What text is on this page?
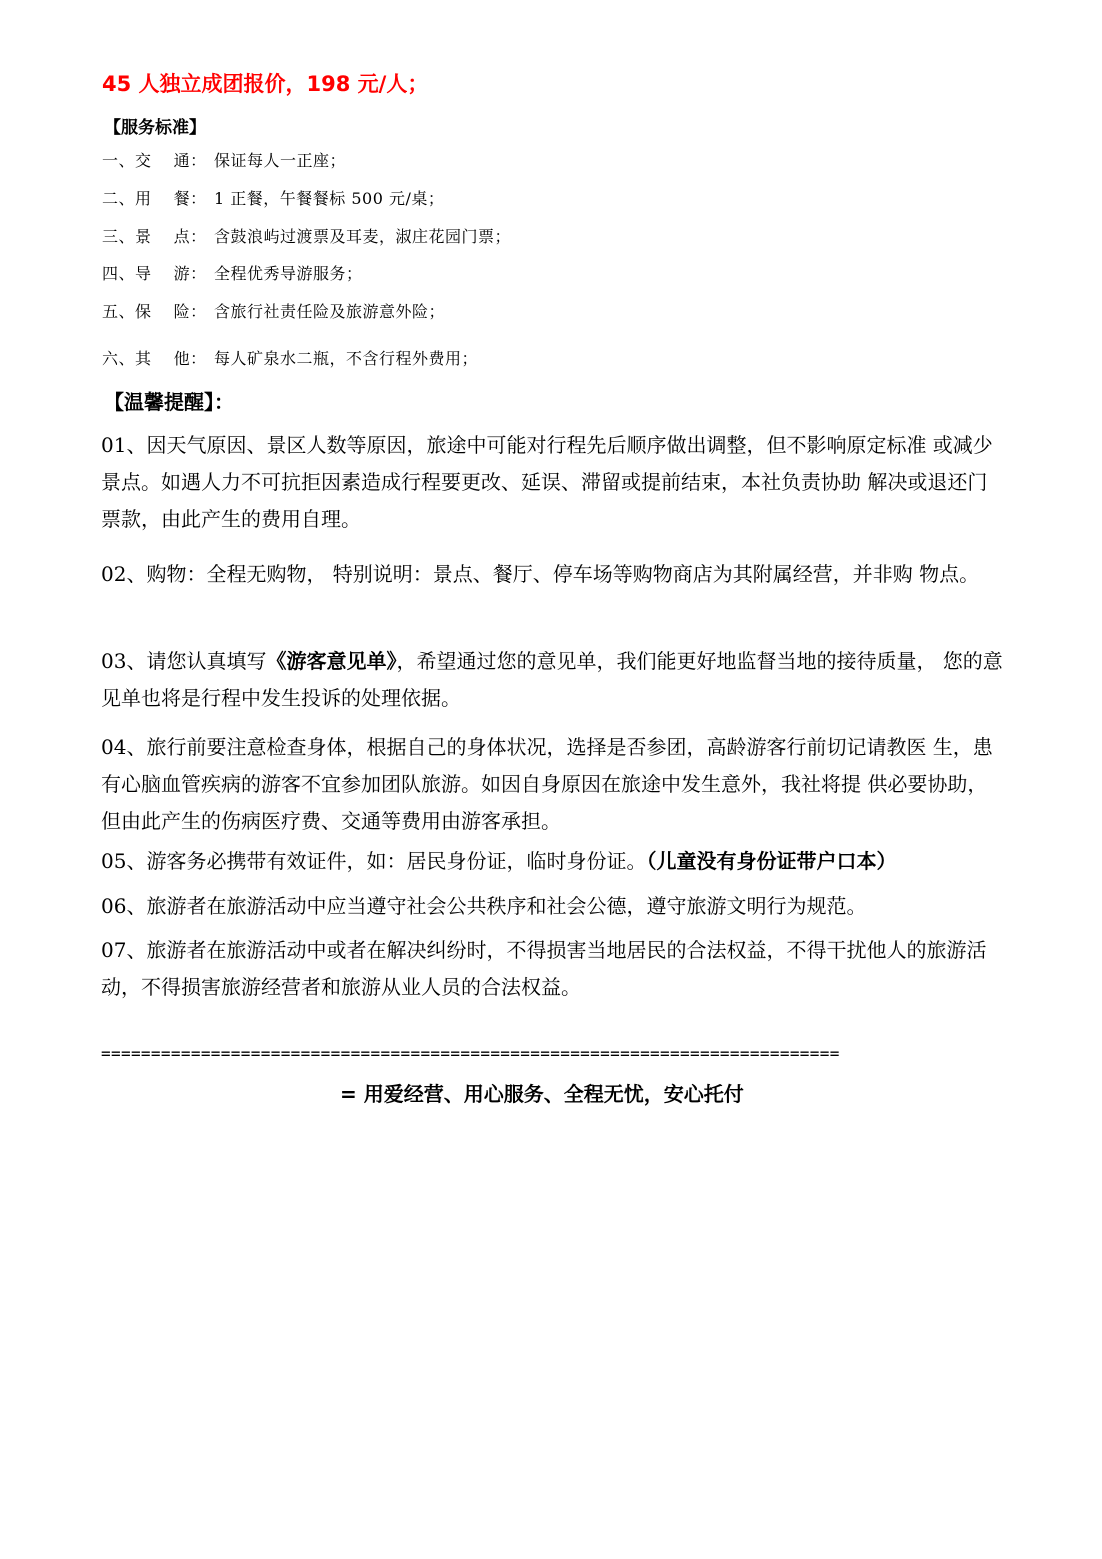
45 人独立成团报价，198 元/人；
【服务标准】
一、交　 通： 保证每人一正座；
二、用　 餐： 1 正餐，午餐餐标 500 元/桌；
三、景　 点： 含鼓浪屿过渡票及耳麦，淑庄花园门票；
四、导　 游： 全程优秀导游服务；
五、保　 险： 含旅行社责任险及旅游意外险；
六、其　 他： 每人矿泉水二瓶，不含行程外费用；
【温馨提醒】：
01、因天气原因、景区人数等原因，旅途中可能对行程先后顺序做出调整，但不影响原定标准 或减少景点。如遇人力不可抗拒因素造成行程要更改、延误、滞留或提前结束，本社负责协助 解决或退还门票款，由此产生的费用自理。
02、购物：全程无购物， 特别说明：景点、餐厅、停车场等购物商店为其附属经营，并非购 物点。
03、请您认真填写《游客意见单》，希望通过您的意见单，我们能更好地监督当地的接待质量， 您的意见单也将是行程中发生投诉的处理依据。
04、旅行前要注意检查身体，根据自己的身体状况，选择是否参团，高龄游客行前切记请教医 生，患有心脑血管疾病的游客不宜参加团队旅游。如因自身原因在旅途中发生意外，我社将提 供必要协助，但由此产生的伤病医疗费、交通等费用由游客承担。
05、游客务必携带有效证件，如：居民身份证，临时身份证。（儿童没有身份证带户口本）
06、旅游者在旅游活动中应当遵守社会公共秩序和社会公德，遵守旅游文明行为规范。
07、旅游者在旅游活动中或者在解决纠纷时，不得损害当地居民的合法权益，不得干扰他人的旅游活动，不得损害旅游经营者和旅游从业人员的合法权益。
==========================================================================
= 用爱经营、用心服务、全程无忧，安心托付
